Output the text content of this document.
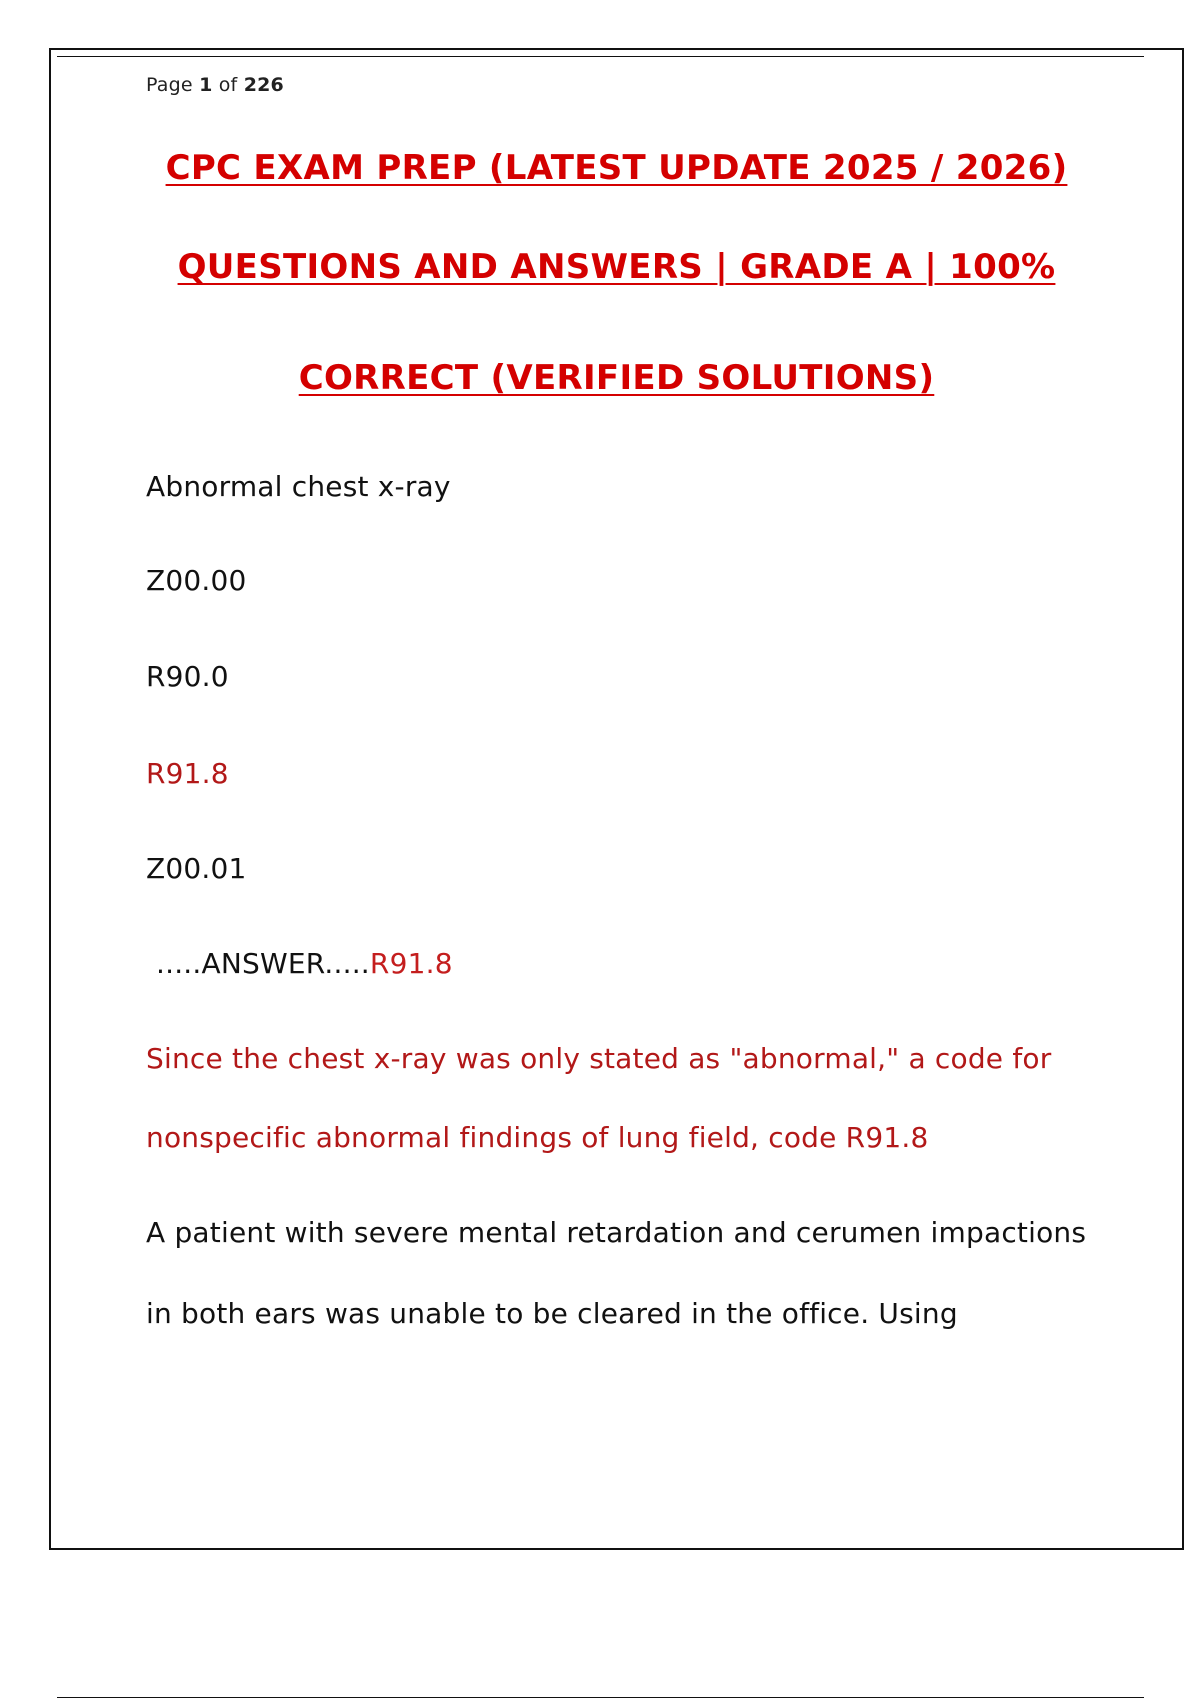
Page 1 of 226
CPC EXAM PREP (LATEST UPDATE 2025 / 2026)
QUESTIONS AND ANSWERS | GRADE A | 100%
CORRECT (VERIFIED SOLUTIONS)
Abnormal chest x-ray
Z00.00
R90.0
R91.8
Z00.01
.....ANSWER.....R91.8
Since the chest x-ray was only stated as "abnormal," a code for
nonspecific abnormal findings of lung field, code R91.8
A patient with severe mental retardation and cerumen impactions
in both ears was unable to be cleared in the office. Using
